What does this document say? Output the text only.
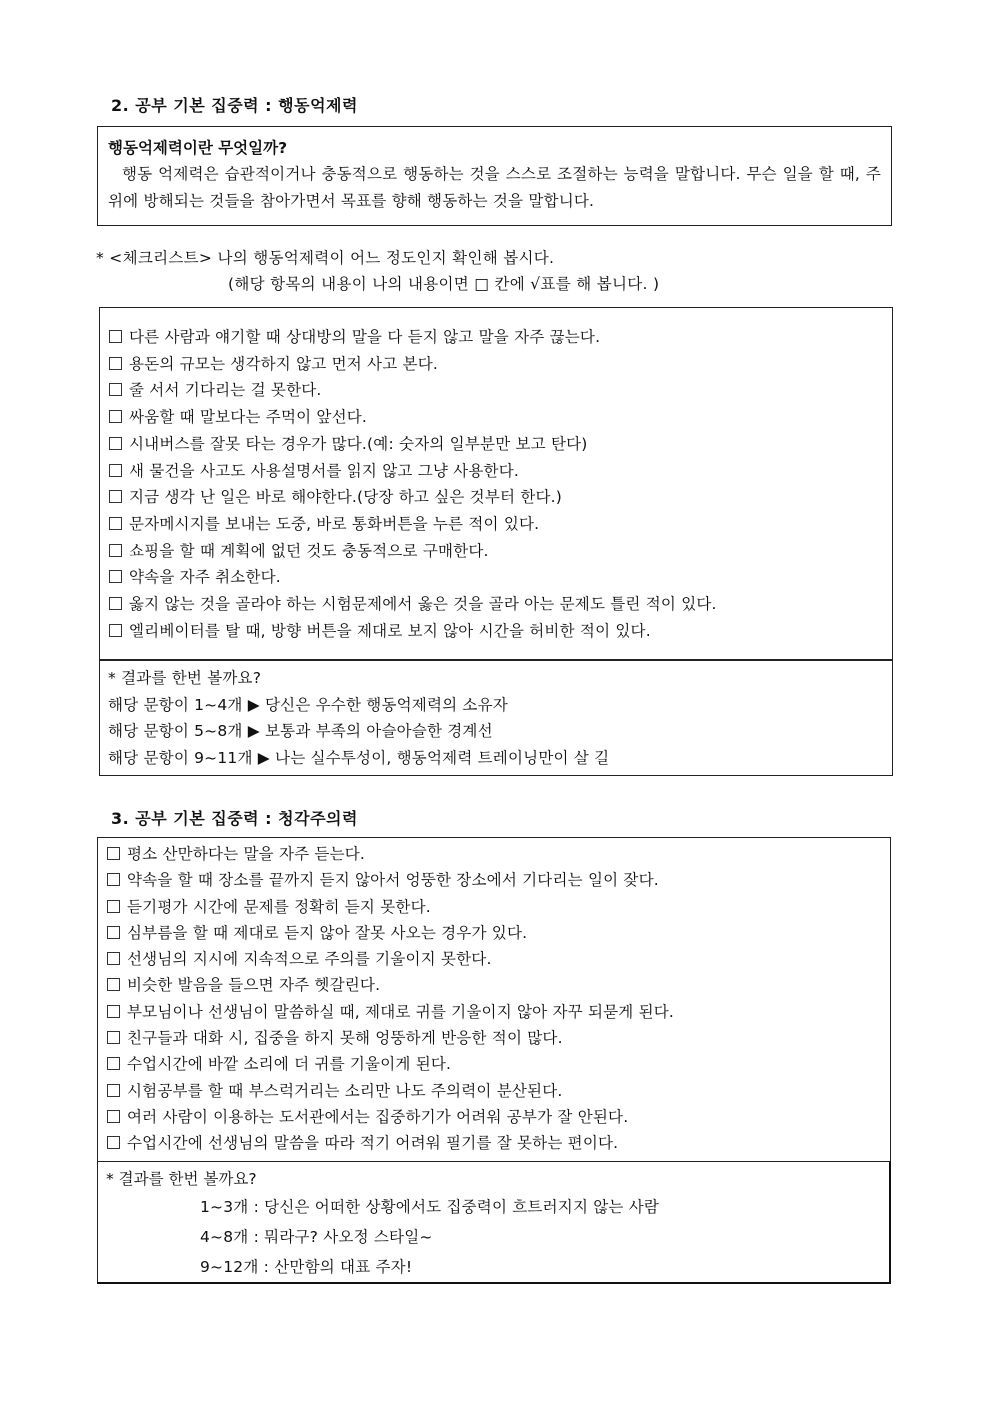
2. 공부 기본 집중력 : 행동억제력
행동억제력이란 무엇일까?
행동 억제력은 습관적이거나 충동적으로 행동하는 것을 스스로 조절하는 능력을 말합니다. 무슨 일을 할 때, 주위에 방해되는 것들을 참아가면서 목표를 향해 행동하는 것을 말합니다.
* <체크리스트> 나의 행동억제력이 어느 정도인지 확인해 봅시다.
(해당 항목의 내용이 나의 내용이면 □ 칸에 √표를 해 봅니다. )
다른 사람과 얘기할 때 상대방의 말을 다 듣지 않고 말을 자주 끊는다.
용돈의 규모는 생각하지 않고 먼저 사고 본다.
줄 서서 기다리는 걸 못한다.
싸움할 때 말보다는 주먹이 앞선다.
시내버스를 잘못 타는 경우가 많다.(예: 숫자의 일부분만 보고 탄다)
새 물건을 사고도 사용설명서를 읽지 않고 그냥 사용한다.
지금 생각 난 일은 바로 해야한다.(당장 하고 싶은 것부터 한다.)
문자메시지를 보내는 도중, 바로 통화버튼을 누른 적이 있다.
쇼핑을 할 때 계획에 없던 것도 충동적으로 구매한다.
약속을 자주 취소한다.
옳지 않는 것을 골라야 하는 시험문제에서 옳은 것을 골라 아는 문제도 틀린 적이 있다.
엘리베이터를 탈 때, 방향 버튼을 제대로 보지 않아 시간을 허비한 적이 있다.
* 결과를 한번 볼까요?
해당 문항이 1~4개 ▶ 당신은 우수한 행동억제력의 소유자
해당 문항이 5~8개 ▶ 보통과 부족의 아슬아슬한 경계선
해당 문항이 9~11개 ▶ 나는 실수투성이, 행동억제력 트레이닝만이 살 길
3. 공부 기본 집중력 : 청각주의력
평소 산만하다는 말을 자주 듣는다.
약속을 할 때 장소를 끝까지 듣지 않아서 엉뚱한 장소에서 기다리는 일이 잦다.
듣기평가 시간에 문제를 정확히 듣지 못한다.
심부름을 할 때 제대로 듣지 않아 잘못 사오는 경우가 있다.
선생님의 지시에 지속적으로 주의를 기울이지 못한다.
비슷한 발음을 들으면 자주 헷갈린다.
부모님이나 선생님이 말씀하실 때, 제대로 귀를 기울이지 않아 자꾸 되묻게 된다.
친구들과 대화 시, 집중을 하지 못해 엉뚱하게 반응한 적이 많다.
수업시간에 바깥 소리에 더 귀를 기울이게 된다.
시험공부를 할 때 부스럭거리는 소리만 나도 주의력이 분산된다.
여러 사람이 이용하는 도서관에서는 집중하기가 어려워 공부가 잘 안된다.
수업시간에 선생님의 말씀을 따라 적기 어려워 필기를 잘 못하는 편이다.
* 결과를 한번 볼까요?
1~3개 : 당신은 어떠한 상황에서도 집중력이 흐트러지지 않는 사람
4~8개 : 뭐라구? 사오정 스타일~
9~12개 : 산만함의 대표 주자!
